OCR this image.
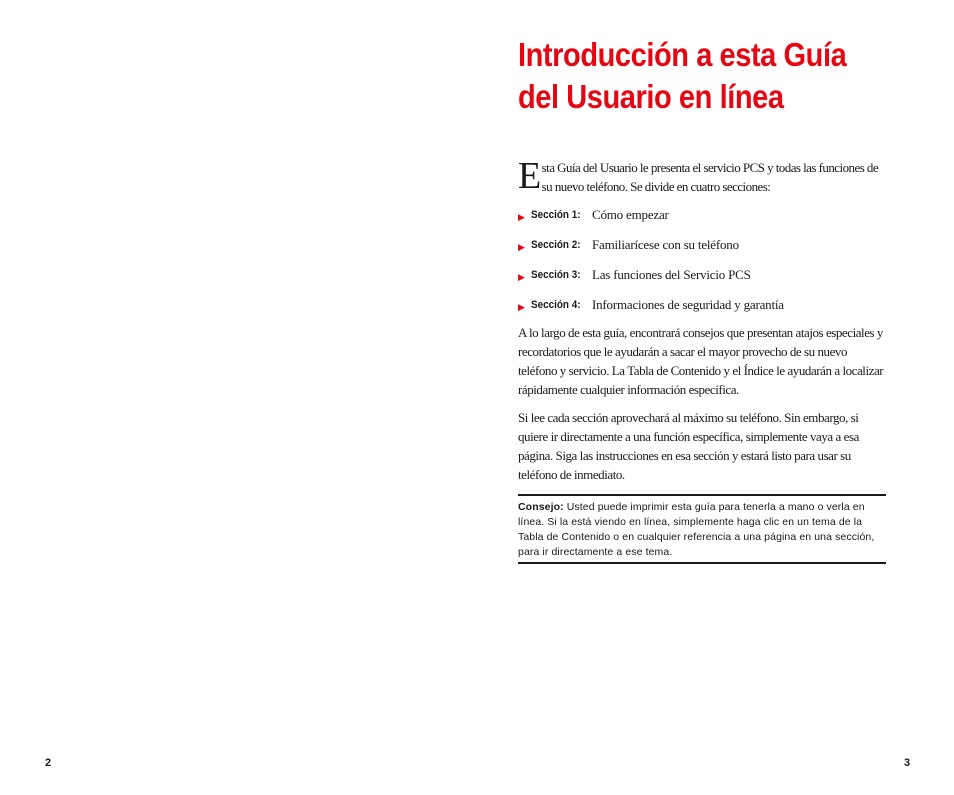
2
Introducción a esta Guía
del Usuario en línea

Esta Guía del Usuario le presenta el servicio PCS y todas las funciones de su nuevo teléfono. Se divide en cuatro secciones:

▶ Sección 1: Cómo empezar
▶ Sección 2: Familiarícese con su teléfono
▶ Sección 3: Las funciones del Servicio PCS
▶ Sección 4: Informaciones de seguridad y garantía

A lo largo de esta guía, encontrará consejos que presentan atajos especiales y recordatorios que le ayudarán a sacar el mayor provecho de su nuevo teléfono y servicio. La Tabla de Contenido y el Índice le ayudarán a localizar rápidamente cualquier información específica.

Si lee cada sección aprovechará al máximo su teléfono. Sin embargo, si quiere ir directamente a una función específica, simplemente vaya a esa página. Siga las instrucciones en esa sección y estará listo para usar su teléfono de inmediato.

Consejo: Usted puede imprimir esta guía para tenerla a mano o verla en línea. Si la está viendo en línea, simplemente haga clic en un tema de la Tabla de Contenido o en cualquier referencia a una página en una sección, para ir directamente a ese tema.
3
